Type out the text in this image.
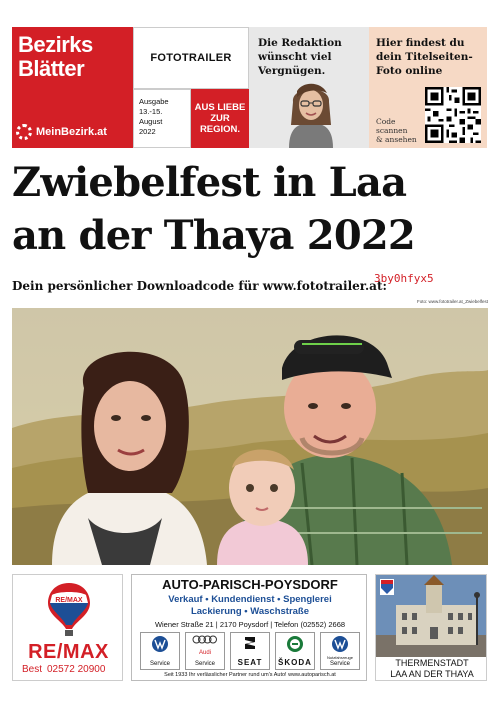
Bezirks
Blätter
MeinBezirk.at
FOTOTRAILER
Ausgabe
13.-15. August
2022
AUS LIEBE
ZUR
REGION.
Die Redaktion
wünscht viel
Vergnügen.
Hier findest du
dein Titelseiten-
Foto online
Code
scannen
& ansehen
Zwiebelfest in Laa
an der Thaya 2022
Dein persönlicher Downloadcode für www.fototrailer.at:
3by0hfyx5
Foto: www.fototrailer.at_Zwiebelfest
RE/MAX
RE/MAX
Best 02572 20900
AUTO-PARISCH-POYSDORF
Verkauf • Kundendienst • Spenglerei
Lackierung • Waschstraße
Wiener Straße 21 | 2170 Poysdorf | Telefon (02552) 2668
Service
Audi
Service	SEAT ŠKODA
Nutzfahrzeuge
Service
Seit 1933 Ihr verlässlicher Partner rund um's Auto! www.autoparisch.at
THERMENSTADT
LAA AN DER THAYA
